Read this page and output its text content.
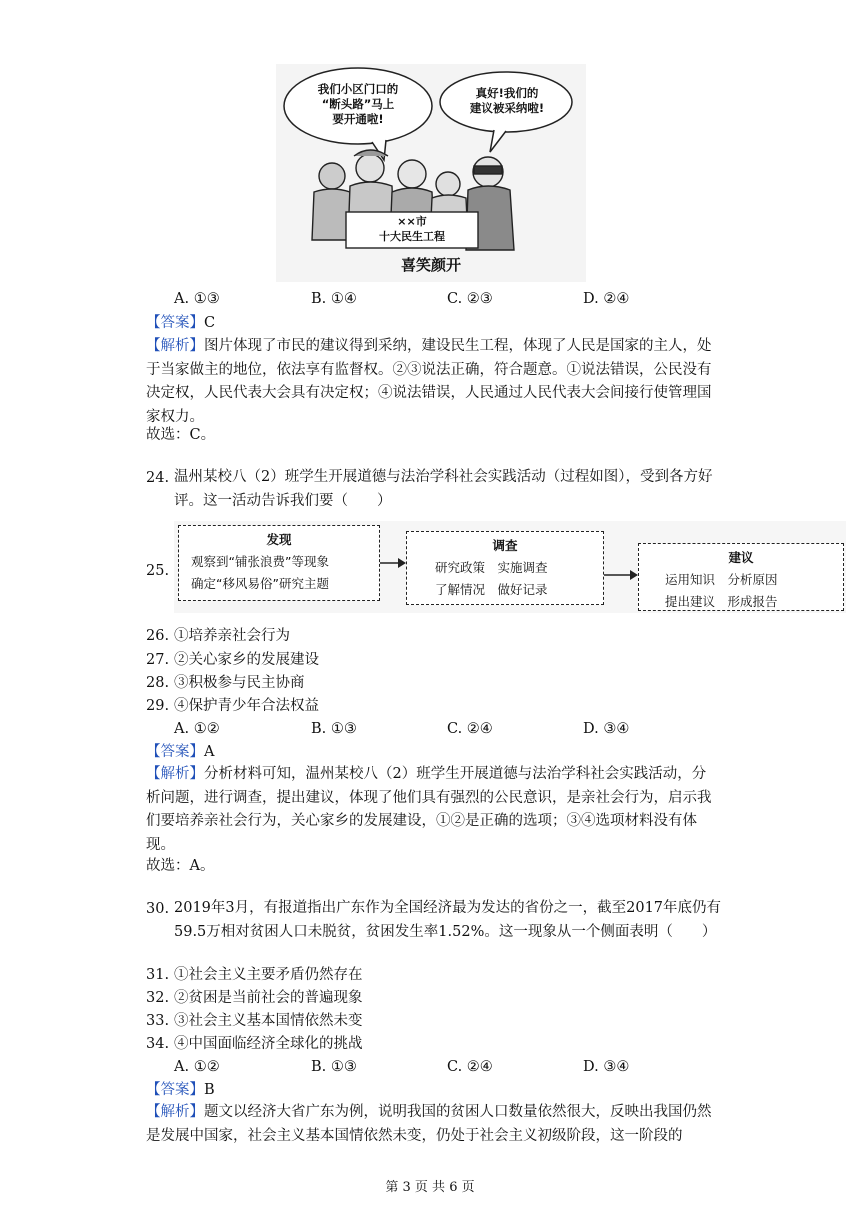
我们小区门口的
“断头路”马上
要开通啦!
真好!我们的
建议被采纳啦!
××市
十大民生工程
喜笑颜开
A. ①③	B. ①④	C. ②③	D. ②④
【答案】C
【解析】图片体现了市民的建议得到采纳，建设民生工程，体现了人民是国家的主人，处于当家做主的地位，依法享有监督权。②③说法正确，符合题意。①说法错误，公民没有决定权，人民代表大会具有决定权；④说法错误，人民通过人民代表大会间接行使管理国家权力。
故选：C。
24. 温州某校八（2）班学生开展道德与法治学科社会实践活动（过程如图），受到各方好评。这一活动告诉我们要（　　）
25.
发现
观察到“铺张浪费”等现象
确定“移风易俗”研究主题
调查
研究政策　实施调查
了解情况　做好记录
建议
运用知识　分析原因
提出建议　形成报告
26. ①培养亲社会行为
27. ②关心家乡的发展建设
28. ③积极参与民主协商
29. ④保护青少年合法权益
A. ①②	B. ①③	C. ②④	D. ③④
【答案】A
【解析】分析材料可知，温州某校八（2）班学生开展道德与法治学科社会实践活动，分析问题，进行调查，提出建议，体现了他们具有强烈的公民意识，是亲社会行为，启示我们要培养亲社会行为，关心家乡的发展建设，①②是正确的选项；③④选项材料没有体现。
故选：A。
30. 2019年3月，有报道指出广东作为全国经济最为发达的省份之一，截至2017年底仍有59.5万相对贫困人口未脱贫，贫困发生率1.52%。这一现象从一个侧面表明（　　）
31. ①社会主义主要矛盾仍然存在
32. ②贫困是当前社会的普遍现象
33. ③社会主义基本国情依然未变
34. ④中国面临经济全球化的挑战
A. ①②	B. ①③	C. ②④	D. ③④
【答案】B
【解析】题文以经济大省广东为例，说明我国的贫困人口数量依然很大，反映出我国仍然是发展中国家，社会主义基本国情依然未变，仍处于社会主义初级阶段，这一阶段的
第 3 页 共 6 页
